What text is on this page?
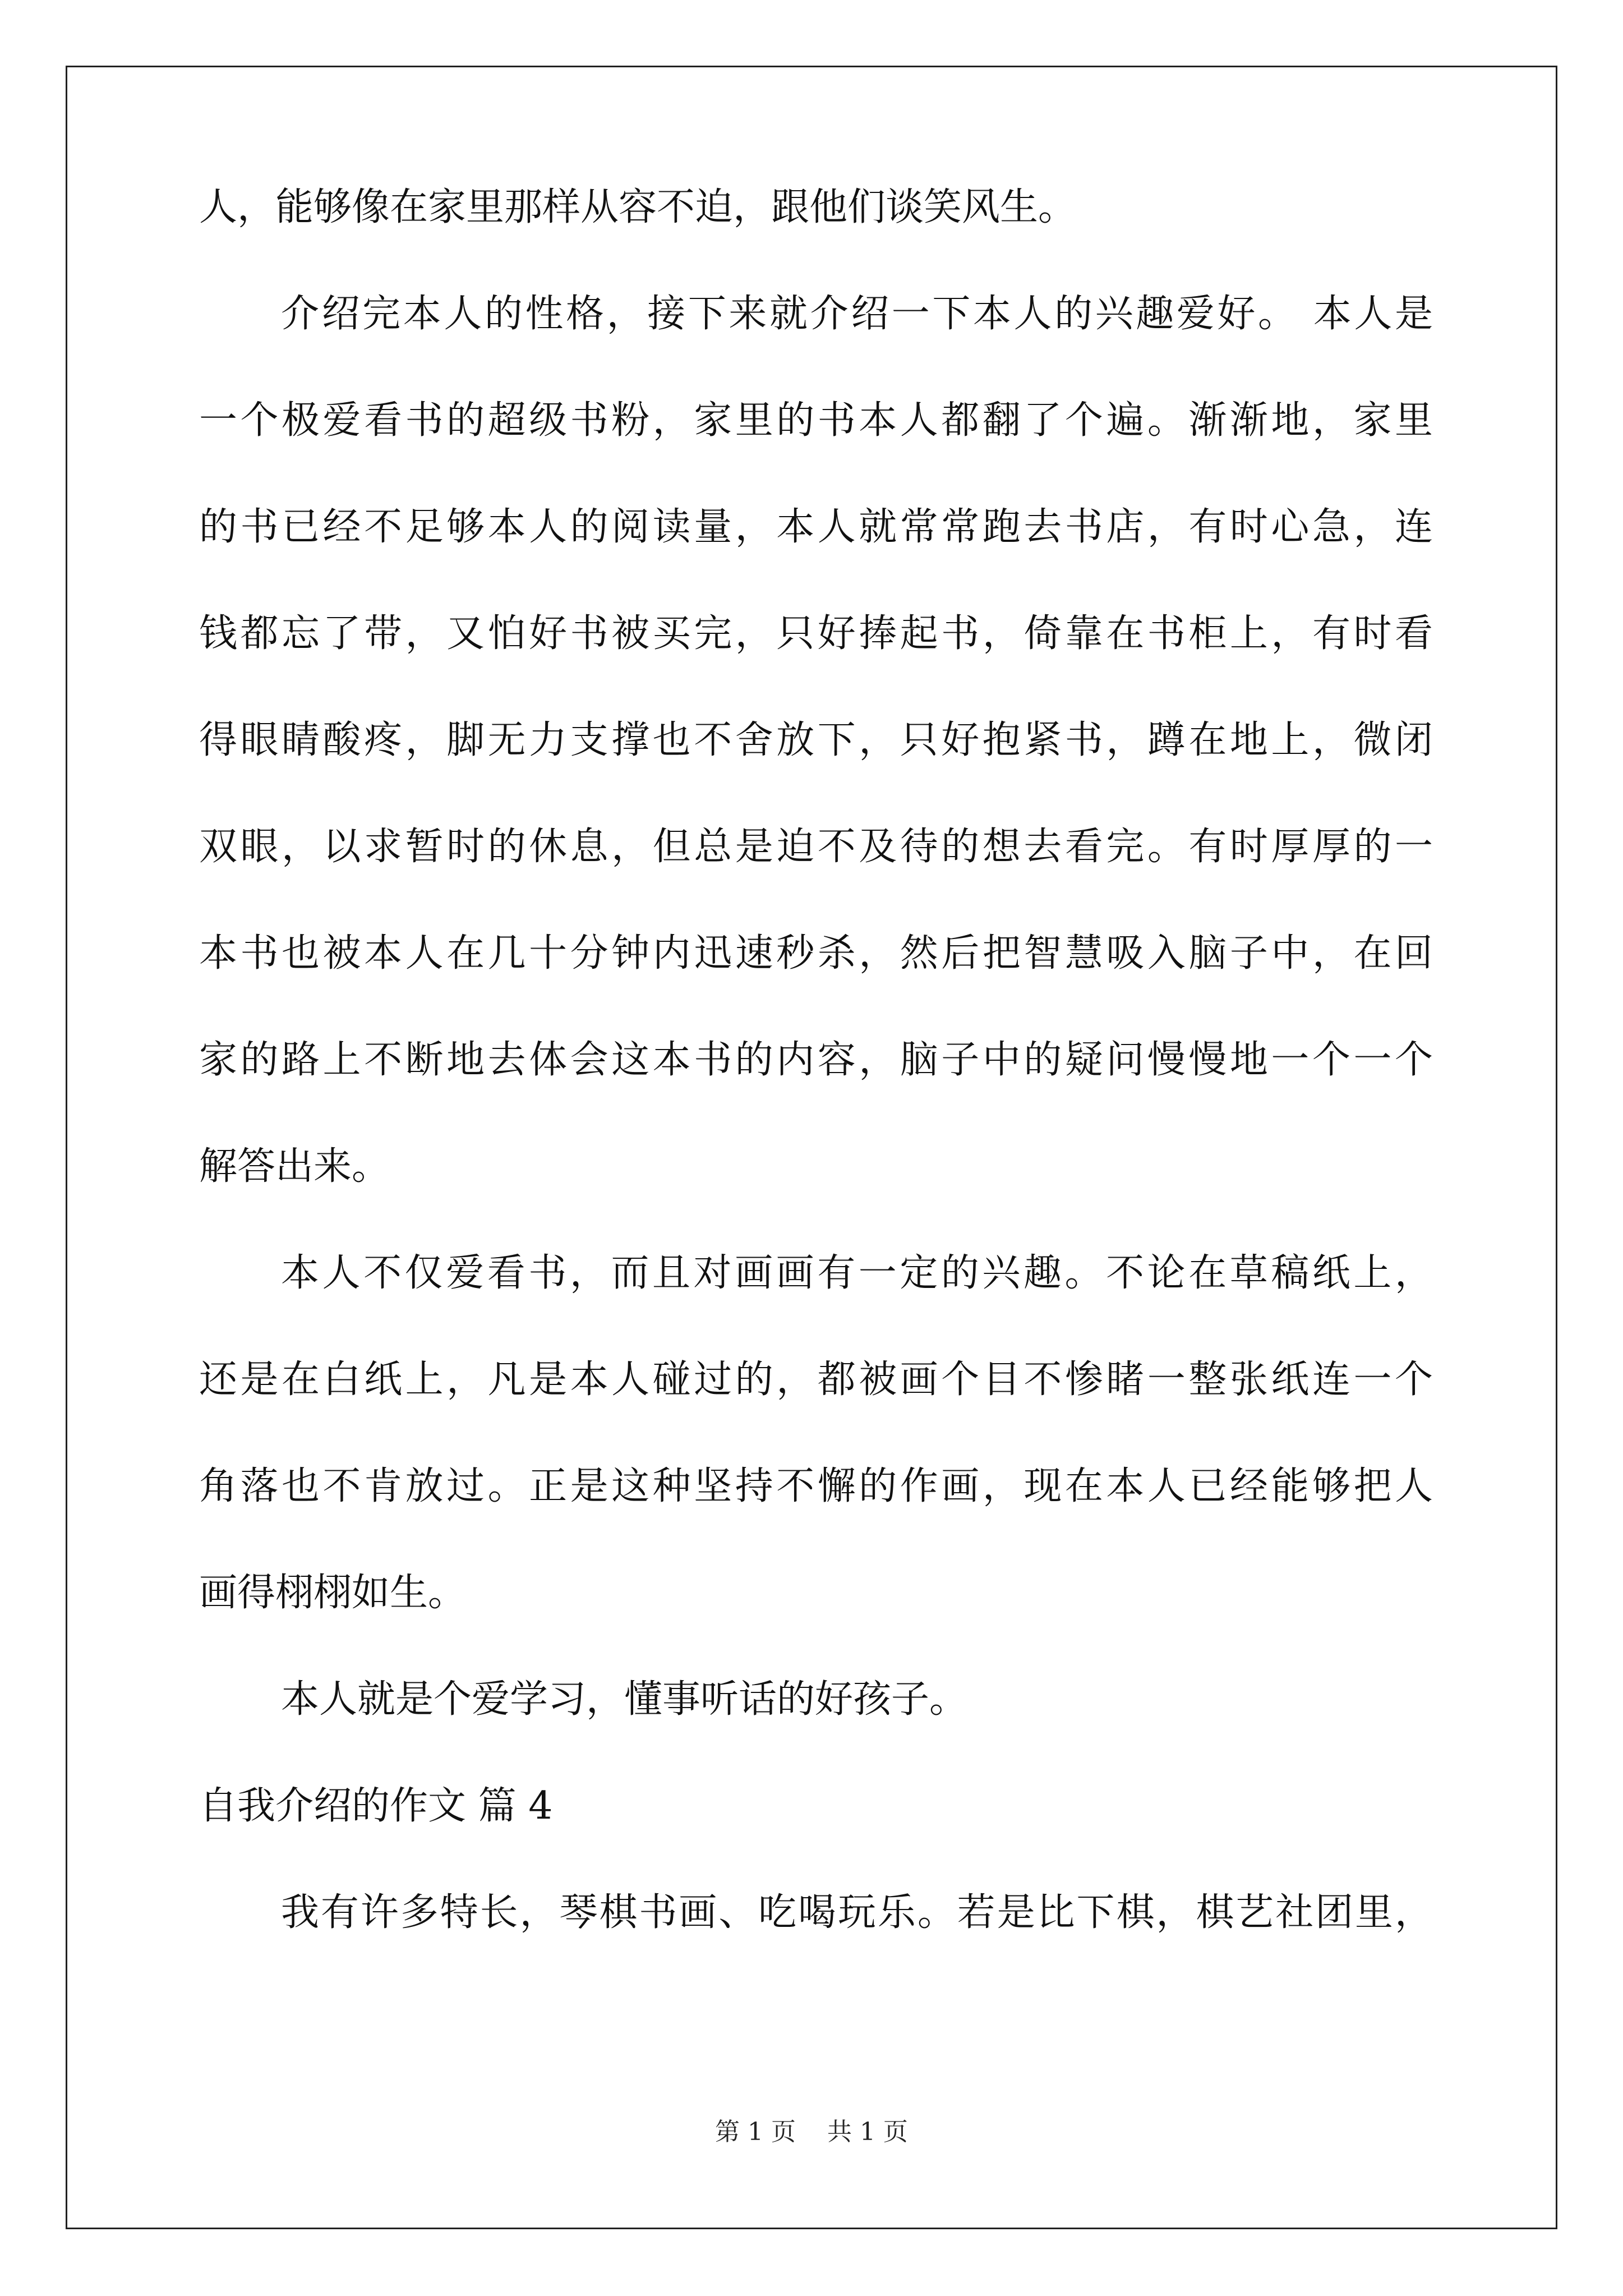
人，能够像在家里那样从容不迫，跟他们谈笑风生。
介绍完本人的性格，接下来就介绍一下本人的兴趣爱好。 本人是
一个极爱看书的超级书粉，家里的书本人都翻了个遍。渐渐地，家里
的书已经不足够本人的阅读量，本人就常常跑去书店，有时心急，连
钱都忘了带，又怕好书被买完，只好捧起书，倚靠在书柜上，有时看
得眼睛酸疼，脚无力支撑也不舍放下，只好抱紧书，蹲在地上，微闭
双眼，以求暂时的休息，但总是迫不及待的想去看完。有时厚厚的一
本书也被本人在几十分钟内迅速秒杀，然后把智慧吸入脑子中，在回
家的路上不断地去体会这本书的内容，脑子中的疑问慢慢地一个一个
解答出来。
本人不仅爱看书，而且对画画有一定的兴趣。不论在草稿纸上，
还是在白纸上，凡是本人碰过的，都被画个目不惨睹一整张纸连一个
角落也不肯放过。正是这种坚持不懈的作画，现在本人已经能够把人
画得栩栩如生。
本人就是个爱学习，懂事听话的好孩子。
自我介绍的作文 篇 4
我有许多特长，琴棋书画、吃喝玩乐。若是比下棋，棋艺社团里，
第 1 页    共 1 页
